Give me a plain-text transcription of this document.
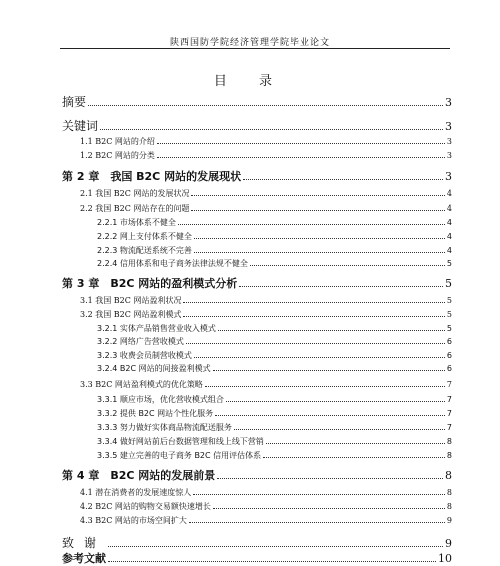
陕西国防学院经济管理学院毕业论文
目 录
摘要	3
关键词	3
1.1 B2C 网站的介绍	3
1.2 B2C 网站的分类	3
第 2 章　我国 B2C 网站的发展现状	3
2.1 我国 B2C 网站的发展状况	4
2.2 我国 B2C 网站存在的问题	4
2.2.1 市场体系不健全	4
2.2.2 网上支付体系不健全	4
2.2.3 物流配送系统不完善	4
2.2.4 信用体系和电子商务法律法规不健全	5
第 3 章　B2C 网站的盈利模式分析	5
3.1 我国 B2C 网站盈利状况	5
3.2 我国 B2C 网站盈利模式	5
3.2.1 实体产品销售营业收入模式	5
3.2.2 网络广告营收模式	6
3.2.3 收费会员制营收模式	6
3.2.4 B2C 网站的间接盈利模式	6
3.3 B2C 网站盈利模式的优化策略	7
3.3.1 顺应市场，优化营收模式组合	7
3.3.2 提供 B2C 网站个性化服务	7
3.3.3 努力做好实体商品物流配送服务	7
3.3.4 做好网站前后台数据管理和线上线下营销	8
3.3.5 建立完善的电子商务 B2C 信用评估体系	8
第 4 章　B2C 网站的发展前景	8
4.1 潜在消费者的发展速度惊人	8
4.2 B2C 网站的购物交易额快速增长	8
4.3 B2C 网站的市场空间扩大	9
致谢	9
参考文献	10
